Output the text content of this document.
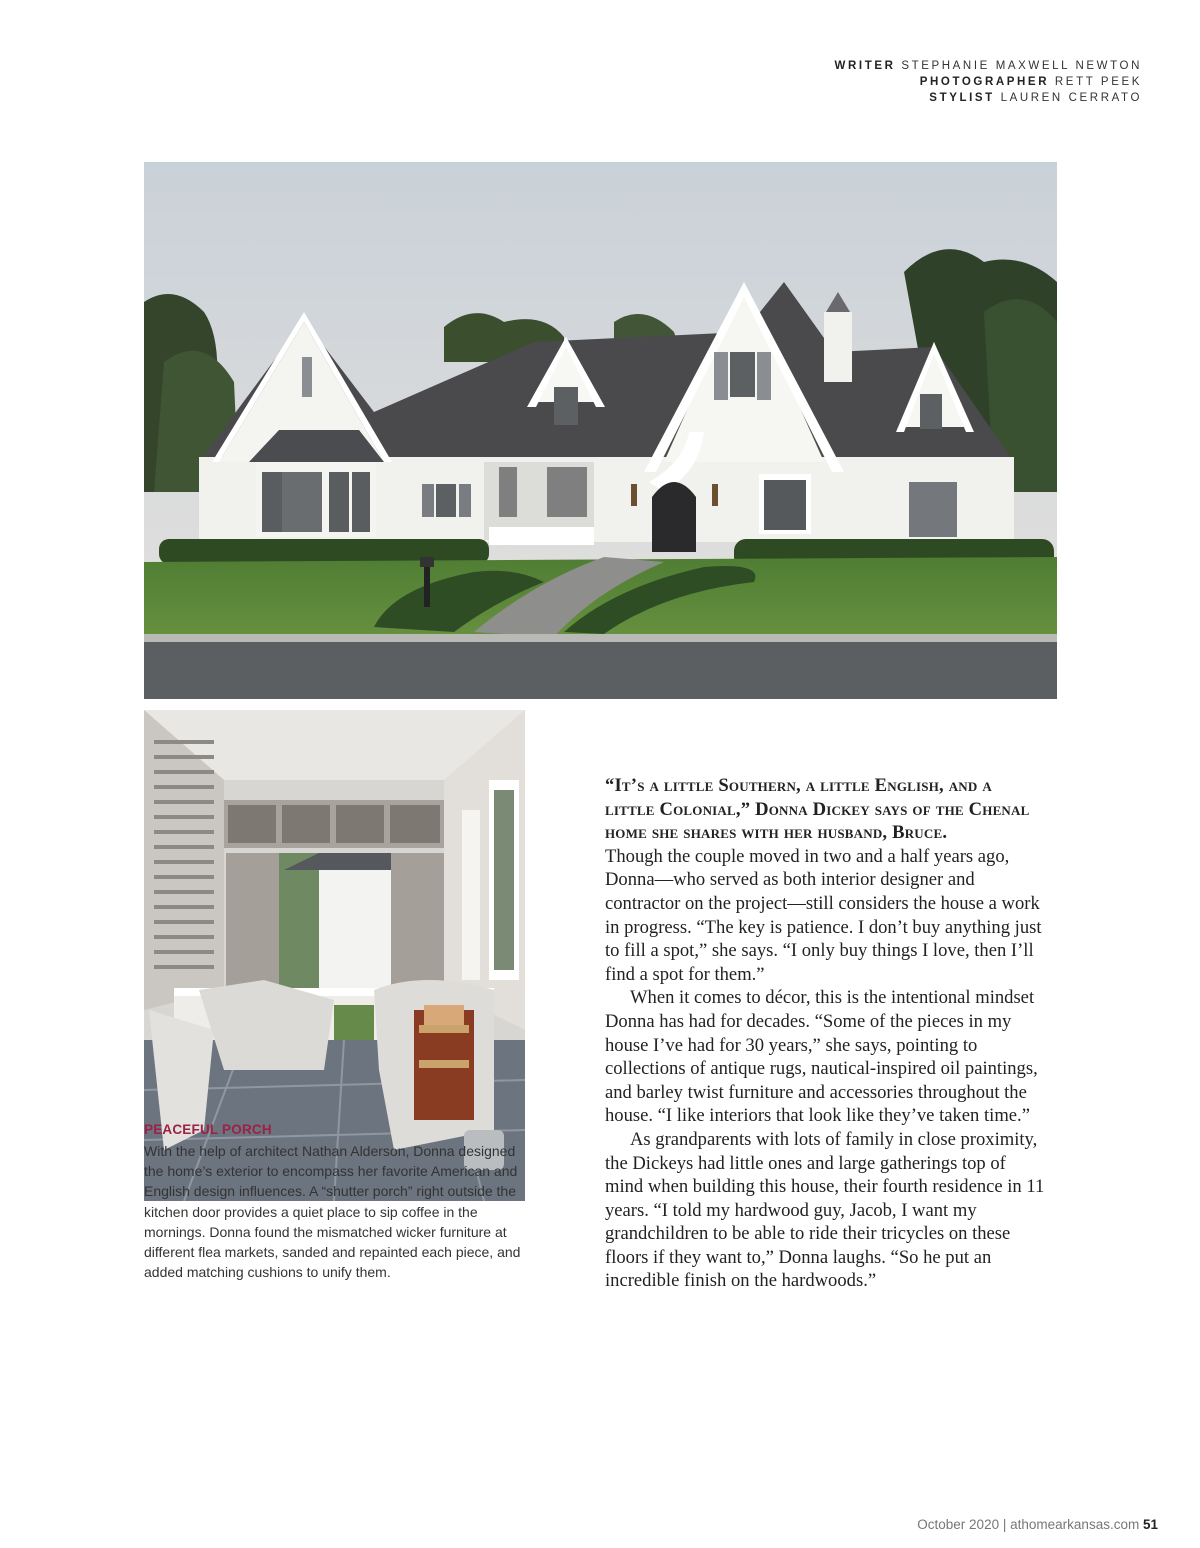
WRITER STEPHANIE MAXWELL NEWTON
PHOTOGRAPHER RETT PEEK
STYLIST LAUREN CERRATO
PEACEFUL PORCH
With the help of architect Nathan Alderson, Donna designed the home’s exterior to encompass her favorite American and English design influences. A “shutter porch” right outside the kitchen door provides a quiet place to sip coffee in the mornings. Donna found the mismatched wicker furniture at different flea markets, sanded and repainted each piece, and added matching cushions to unify them.
“It’s a little Southern, a little English, and a little Colonial,” Donna Dickey says of the Chenal home she shares with her husband, Bruce.

Though the couple moved in two and a half years ago, Donna—who served as both interior designer and contractor on the project—still considers the house a work in progress. “The key is patience. I don’t buy anything just to fill a spot,” she says. “I only buy things I love, then I’ll find a spot for them.”

When it comes to décor, this is the intentional mindset Donna has had for decades. “Some of the pieces in my house I’ve had for 30 years,” she says, pointing to collections of antique rugs, nautical-inspired oil paintings, and barley twist furniture and accessories throughout the house. “I like interiors that look like they’ve taken time.”

As grandparents with lots of family in close proximity, the Dickeys had little ones and large gatherings top of mind when building this house, their fourth residence in 11 years. “I told my hardwood guy, Jacob, I want my grandchildren to be able to ride their tricycles on these floors if they want to,” Donna laughs. “So he put an incredible finish on the hardwoods.”

October 2020 | athomearkansas.com 51
